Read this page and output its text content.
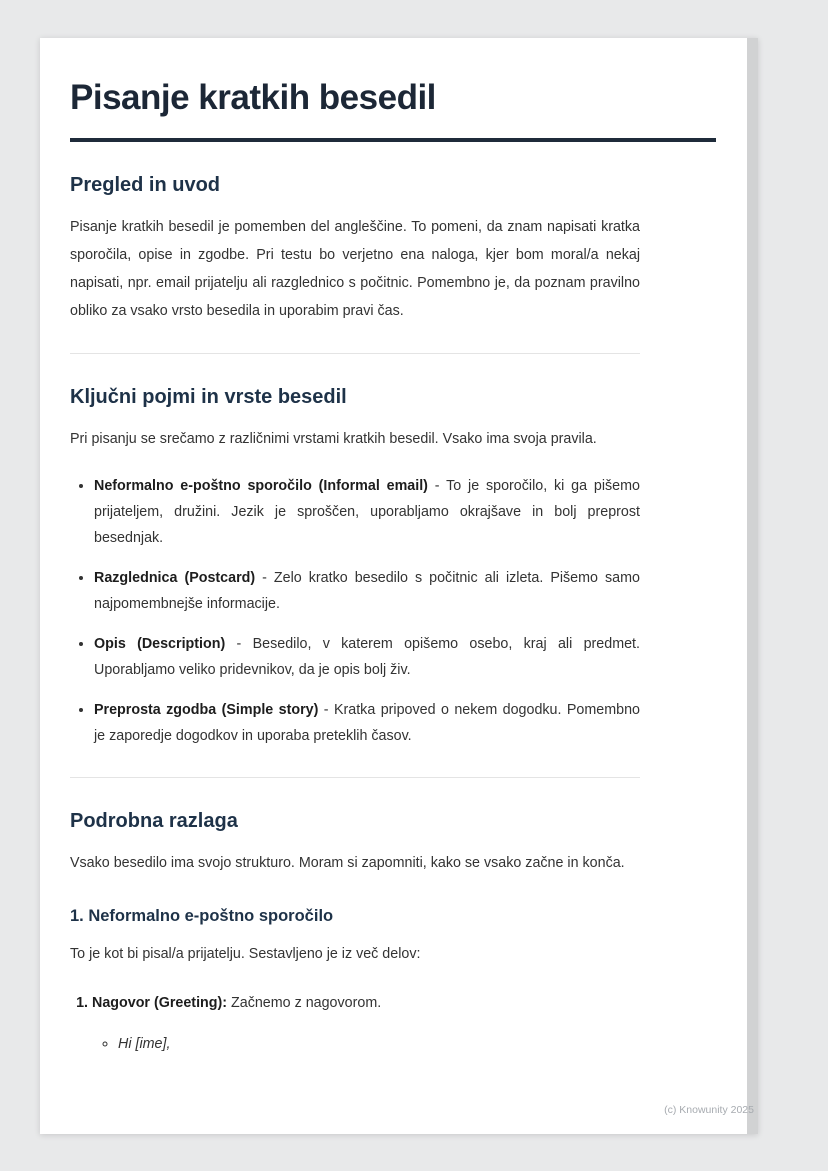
Pisanje kratkih besedil
Pregled in uvod

Pisanje kratkih besedil je pomemben del angleščine. To pomeni, da znam napisati kratka sporočila, opise in zgodbe. Pri testu bo verjetno ena naloga, kjer bom moral/a nekaj napisati, npr. email prijatelju ali razglednico s počitnic. Pomembno je, da poznam pravilno obliko za vsako vrsto besedila in uporabim pravi čas.

Ključni pojmi in vrste besedil

Pri pisanju se srečamo z različnimi vrstami kratkih besedil. Vsako ima svoja pravila.

• Neformalno e-poštno sporočilo (Informal email) - To je sporočilo, ki ga pišemo prijateljem, družini. Jezik je sproščen, uporabljamo okrajšave in bolj preprost besednjak.
• Razglednica (Postcard) - Zelo kratko besedilo s počitnic ali izleta. Pišemo samo najpomembnejše informacije.
• Opis (Description) - Besedilo, v katerem opišemo osebo, kraj ali predmet. Uporabljamo veliko pridevnikov, da je opis bolj živ.
• Preprosta zgodba (Simple story) - Kratka pripoved o nekem dogodku. Pomembno je zaporedje dogodkov in uporaba preteklih časov.
Podrobna razlaga

Vsako besedilo ima svojo strukturo. Moram si zapomniti, kako se vsako začne in konča.

1. Neformalno e-poštno sporočilo

To je kot bi pisal/a prijatelju. Sestavljeno je iz več delov:

1. Nagovor (Greeting): Začnemo z nagovorom.
◦ Hi [ime],
(c) Knowunity 2025
